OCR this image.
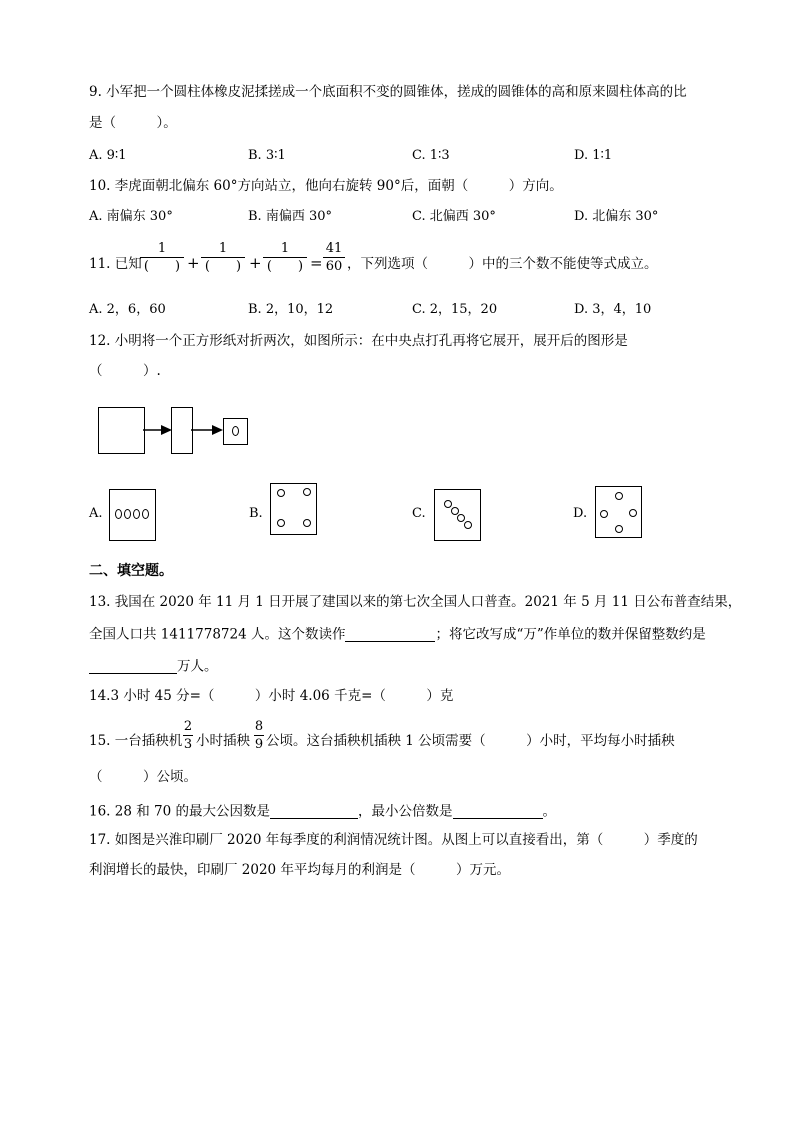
9. 小军把一个圆柱体橡皮泥揉搓成一个底面积不变的圆锥体，搓成的圆锥体的高和原来圆柱体高的比
是（　　　）。
A. 9∶1	B. 3∶1	C. 1∶3	D. 1∶1
10. 李虎面朝北偏东 60°方向站立，他向右旋转 90°后，面朝（　　　）方向。
A. 南偏东 30°	B. 南偏西 30°	C. 北偏西 30°	D. 北偏东 30°
11. 已知
1
(　　) +
1
(　　) +
1
(　　) =
41
60 ，下列选项（　　　）中的三个数不能使等式成立。
A. 2，6，60	B. 2，10，12	C. 2，15，20	D. 3，4，10
12. 小明将一个正方形纸对折两次，如图所示：在中央点打孔再将它展开，展开后的图形是
（　　　）.
A.	B.	C.	D.
二、填空题。
13. 我国在 2020 年 11 月 1 日开展了建国以来的第七次全国人口普查。2021 年 5 月 11 日公布普查结果，
全国人口共 1411778724 人。这个数读作	；将它改写成“万”作单位的数并保留整数约是
万人。
14.3 小时 45 分=（　　　）小时 4.06 千克=（　　　）克
15. 一台插秧机
2
3 小时插秧
8
9 公顷。这台插秧机插秧 1 公顷需要（　　　）小时，平均每小时插秧
（　　　）公顷。
16. 28 和 70 的最大公因数是	，最小公倍数是	。
17. 如图是兴淮印刷厂 2020 年每季度的利润情况统计图。从图上可以直接看出，第（　　　）季度的
利润增长的最快，印刷厂 2020 年平均每月的利润是（　　　）万元。
